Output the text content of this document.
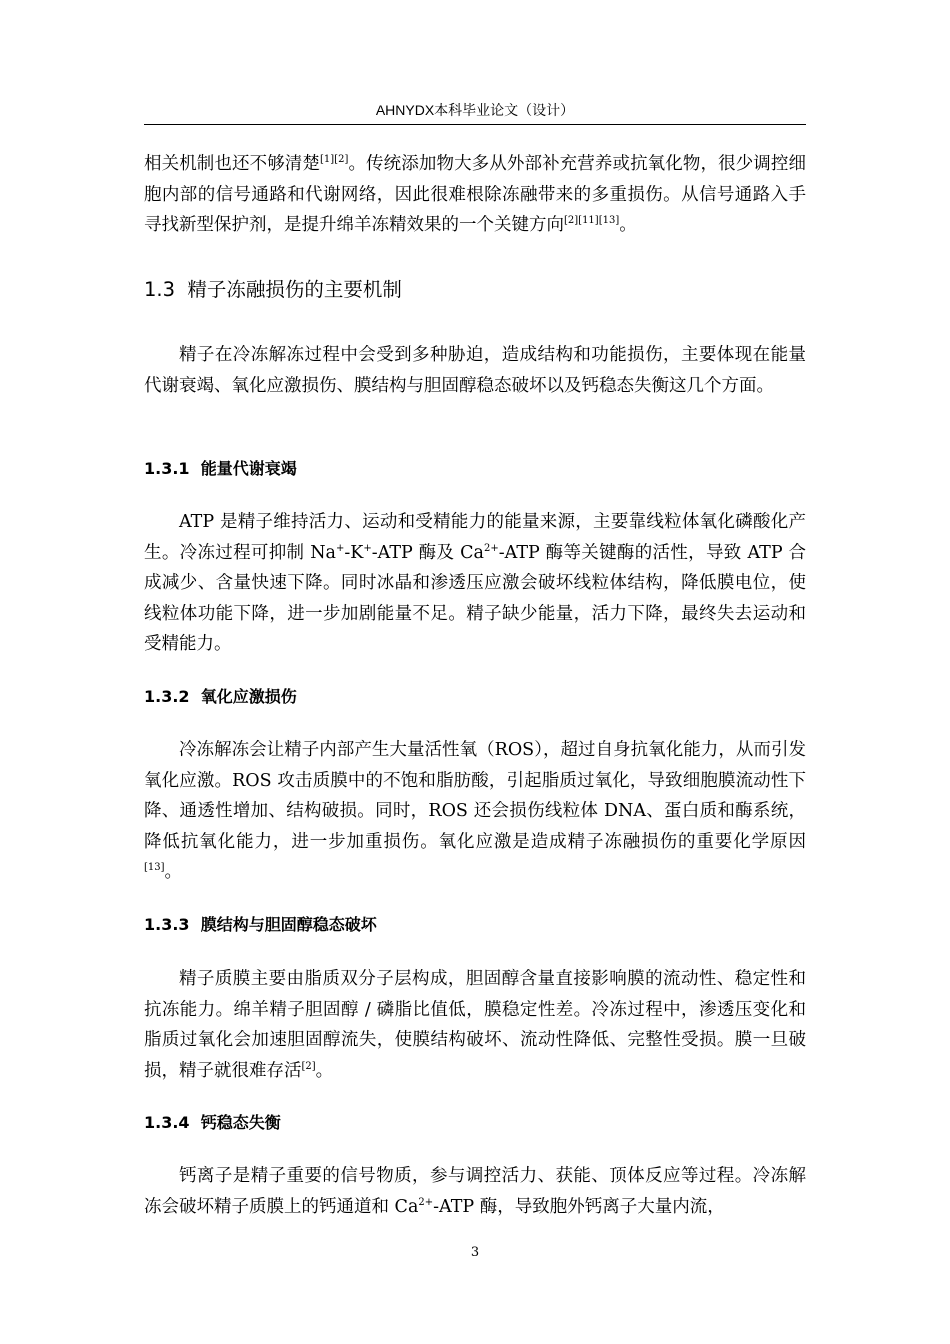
AHNYDX本科毕业论文（设计）

相关机制也还不够清楚[1][2]。传统添加物大多从外部补充营养或抗氧化物，很少调控细胞内部的信号通路和代谢网络，因此很难根除冻融带来的多重损伤。从信号通路入手寻找新型保护剂，是提升绵羊冻精效果的一个关键方向[2][11][13]。

1.3 精子冻融损伤的主要机制

精子在冷冻解冻过程中会受到多种胁迫，造成结构和功能损伤，主要体现在能量代谢衰竭、氧化应激损伤、膜结构与胆固醇稳态破坏以及钙稳态失衡这几个方面。

1.3.1 能量代谢衰竭

ATP 是精子维持活力、运动和受精能力的能量来源，主要靠线粒体氧化磷酸化产生。冷冻过程可抑制 Na+-K+-ATP 酶及 $Ca^{2+}$-ATP 酶等关键酶的活性，导致 ATP 合成减少、含量快速下降。同时冰晶和渗透压应激会破坏线粒体结构，降低膜电位，使线粒体功能下降，进一步加剧能量不足。精子缺少能量，活力下降，最终失去运动和受精能力。

1.3.2 氧化应激损伤

冷冻解冻会让精子内部产生大量活性氧（ROS），超过自身抗氧化能力，从而引发氧化应激。ROS 攻击质膜中的不饱和脂肪酸，引起脂质过氧化，导致细胞膜流动性下降、通透性增加、结构破损。同时，ROS 还会损伤线粒体 DNA、蛋白质和酶系统，降低抗氧化能力，进一步加重损伤。氧化应激是造成精子冻融损伤的重要化学原因[13]。

1.3.3 膜结构与胆固醇稳态破坏

精子质膜主要由脂质双分子层构成，胆固醇含量直接影响膜的流动性、稳定性和抗冻能力。绵羊精子胆固醇 / 磷脂比值低，膜稳定性差。冷冻过程中，渗透压变化和脂质过氧化会加速胆固醇流失，使膜结构破坏、流动性降低、完整性受损。膜一旦破损，精子就很难存活[2]。

1.3.4 钙稳态失衡

钙离子是精子重要的信号物质，参与调控活力、获能、顶体反应等过程。冷冻解冻会破坏精子质膜上的钙通道和 $Ca^{2+}$-ATP 酶，导致胞外钙离子大量内流，

3
